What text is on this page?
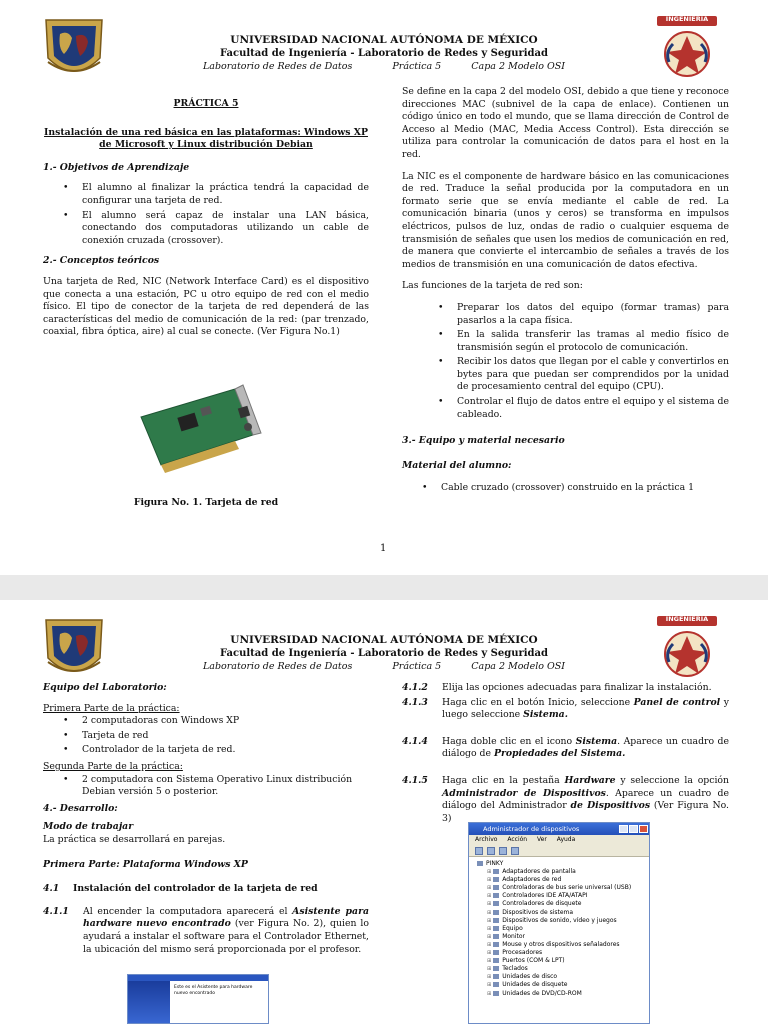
UNIVERSIDAD NACIONAL AUTÓNOMA DE MÉXICO
Facultad de Ingeniería - Laboratorio de Redes y Seguridad
Laboratorio de Redes de Datos	Práctica 5	Capa 2 Modelo OSI
INGENIERIA

PRÁCTICA 5

Instalación de una red básica en las plataformas: Windows XP de Microsoft y Linux distribución Debian

1.- Objetivos de Aprendizaje
• El alumno al finalizar la práctica tendrá la capacidad de configurar una tarjeta de red.
• El alumno será capaz de instalar una LAN básica, conectando dos computadoras utilizando un cable de conexión cruzada (crossover).
2.- Conceptos teóricos

Una tarjeta de Red, NIC (Network Interface Card) es el dispositivo que conecta a una estación, PC u otro equipo de red con el medio físico. El tipo de conector de la tarjeta de red dependerá de las características del medio de comunicación de la red: (par trenzado, coaxial, fibra óptica, aire) al cual se conecte. (Ver Figura No.1)

Figura No. 1. Tarjeta de red

Se define en la capa 2 del modelo OSI, debido a que tiene y reconoce direcciones MAC (subnivel de la capa de enlace). Contienen un código único en todo el mundo, que se llama dirección de Control de Acceso al Medio (MAC, Media Access Control). Esta dirección se utiliza para controlar la comunicación de datos para el host en la red.

La NIC es el componente de hardware básico en las comunicaciones de red. Traduce la señal producida por la computadora en un formato serie que se envía mediante el cable de red. La comunicación binaria (unos y ceros) se transforma en impulsos eléctricos, pulsos de luz, ondas de radio o cualquier esquema de transmisión de señales que usen los medios de comunicación en red, de manera que convierte el intercambio de señales a través de los medios de transmisión en una comunicación de datos efectiva.

Las funciones de la tarjeta de red son:

• Preparar los datos del equipo (formar tramas) para pasarlos a la capa física.
• En la salida transferir las tramas al medio físico de transmisión según el protocolo de comunicación.
• Recibir los datos que llegan por el cable y convertirlos en bytes para que puedan ser comprendidos por la unidad de procesamiento central del equipo (CPU).
• Controlar el flujo de datos entre el equipo y el sistema de cableado.
3.- Equipo y material necesario
Material del alumno:
• Cable cruzado (crossover) construido en la práctica 1
1
UNIVERSIDAD NACIONAL AUTÓNOMA DE MÉXICO
Facultad de Ingeniería - Laboratorio de Redes y Seguridad
Laboratorio de Redes de Datos	Práctica 5	Capa 2 Modelo OSI
INGENIERIA
Equipo del Laboratorio:
Primera Parte de la práctica:
• 2 computadoras con Windows XP
• Tarjeta de red
• Controlador de la tarjeta de red.
Segunda Parte de la práctica:
• 2 computadora con Sistema Operativo Linux distribución Debian versión 5 o posterior.
4.- Desarrollo:
Modo de trabajar

La práctica se desarrollará en parejas.

Primera Parte: Plataforma Windows XP

4.1	Instalación del controlador de la tarjeta de red
4.1.1	Al encender la computadora aparecerá el Asistente para hardware nuevo encontrado (ver Figura No. 2), quien lo ayudará a instalar el software para el Controlador Ethernet, la ubicación del mismo será proporcionada por el profesor.
Este es el Asistente para hardware nuevo encontrado
4.1.2	Elija las opciones adecuadas para finalizar la instalación.
4.1.3	Haga clic en el botón Inicio, seleccione Panel de control y luego seleccione Sistema.
4.1.4	Haga doble clic en el icono Sistema. Aparece un cuadro de diálogo de Propiedades del Sistema.
4.1.5	Haga clic en la pestaña Hardware y seleccione la opción Administrador de Dispositivos. Aparece un cuadro de diálogo del Administrador de Dispositivos (Ver Figura No. 3)
Administrador de dispositivos
Archivo Acción Ver Ayuda
PINKY
⊞ Adaptadores de pantalla
⊞ Adaptadores de red
⊞ Controladoras de bus serie universal (USB)
⊞ Controladores IDE ATA/ATAPI
⊞ Controladores de disquete
⊞ Dispositivos de sistema
⊞ Dispositivos de sonido, vídeo y juegos
⊞ Equipo
⊞ Monitor
⊞ Mouse y otros dispositivos señaladores
⊞ Procesadores
⊞ Puertos (COM & LPT)
⊞ Teclados
⊞ Unidades de disco
⊞ Unidades de disquete
⊞ Unidades de DVD/CD-ROM
